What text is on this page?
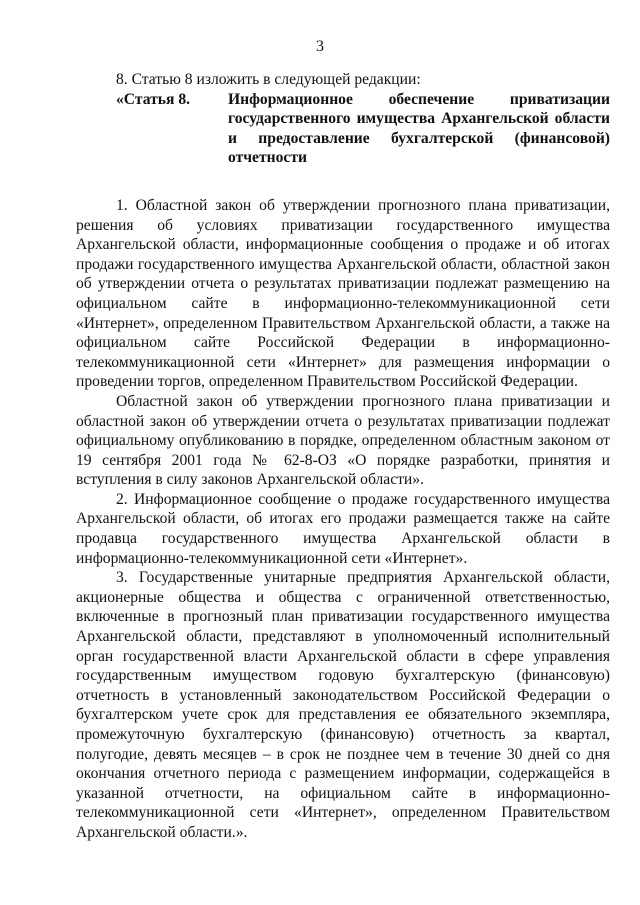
3

8. Статью 8 изложить в следующей редакции:

«Статья 8.	Информационное обеспечение приватизации государственного имущества Архангельской области и предоставление бухгалтерской (финансовой) отчетности

1. Областной закон об утверждении прогнозного плана приватизации, решения об условиях приватизации государственного имущества Архангельской области, информационные сообщения о продаже и об итогах продажи государственного имущества Архангельской области, областной закон об утверждении отчета о результатах приватизации подлежат размещению на официальном сайте в информационно-телекоммуникационной сети «Интернет», определенном Правительством Архангельской области, а также на официальном сайте Российской Федерации в информационно-телекоммуникационной сети «Интернет» для размещения информации о проведении торгов, определенном Правительством Российской Федерации.

Областной закон об утверждении прогнозного плана приватизации и областной закон об утверждении отчета о результатах приватизации подлежат официальному опубликованию в порядке, определенном областным законом от 19 сентября 2001 года № 62-8-ОЗ «О порядке разработки, принятия и вступления в силу законов Архангельской области».

2. Информационное сообщение о продаже государственного имущества Архангельской области, об итогах его продажи размещается также на сайте продавца государственного имущества Архангельской области в информационно-телекоммуникационной сети «Интернет».

3. Государственные унитарные предприятия Архангельской области, акционерные общества и общества с ограниченной ответственностью, включенные в прогнозный план приватизации государственного имущества Архангельской области, представляют в уполномоченный исполнительный орган государственной власти Архангельской области в сфере управления государственным имуществом годовую бухгалтерскую (финансовую) отчетность в установленный законодательством Российской Федерации о бухгалтерском учете срок для представления ее обязательного экземпляра, промежуточную бухгалтерскую (финансовую) отчетность за квартал, полугодие, девять месяцев – в срок не позднее чем в течение 30 дней со дня окончания отчетного периода с размещением информации, содержащейся в указанной отчетности, на официальном сайте в информационно-телекоммуникационной сети «Интернет», определенном Правительством Архангельской области.».
